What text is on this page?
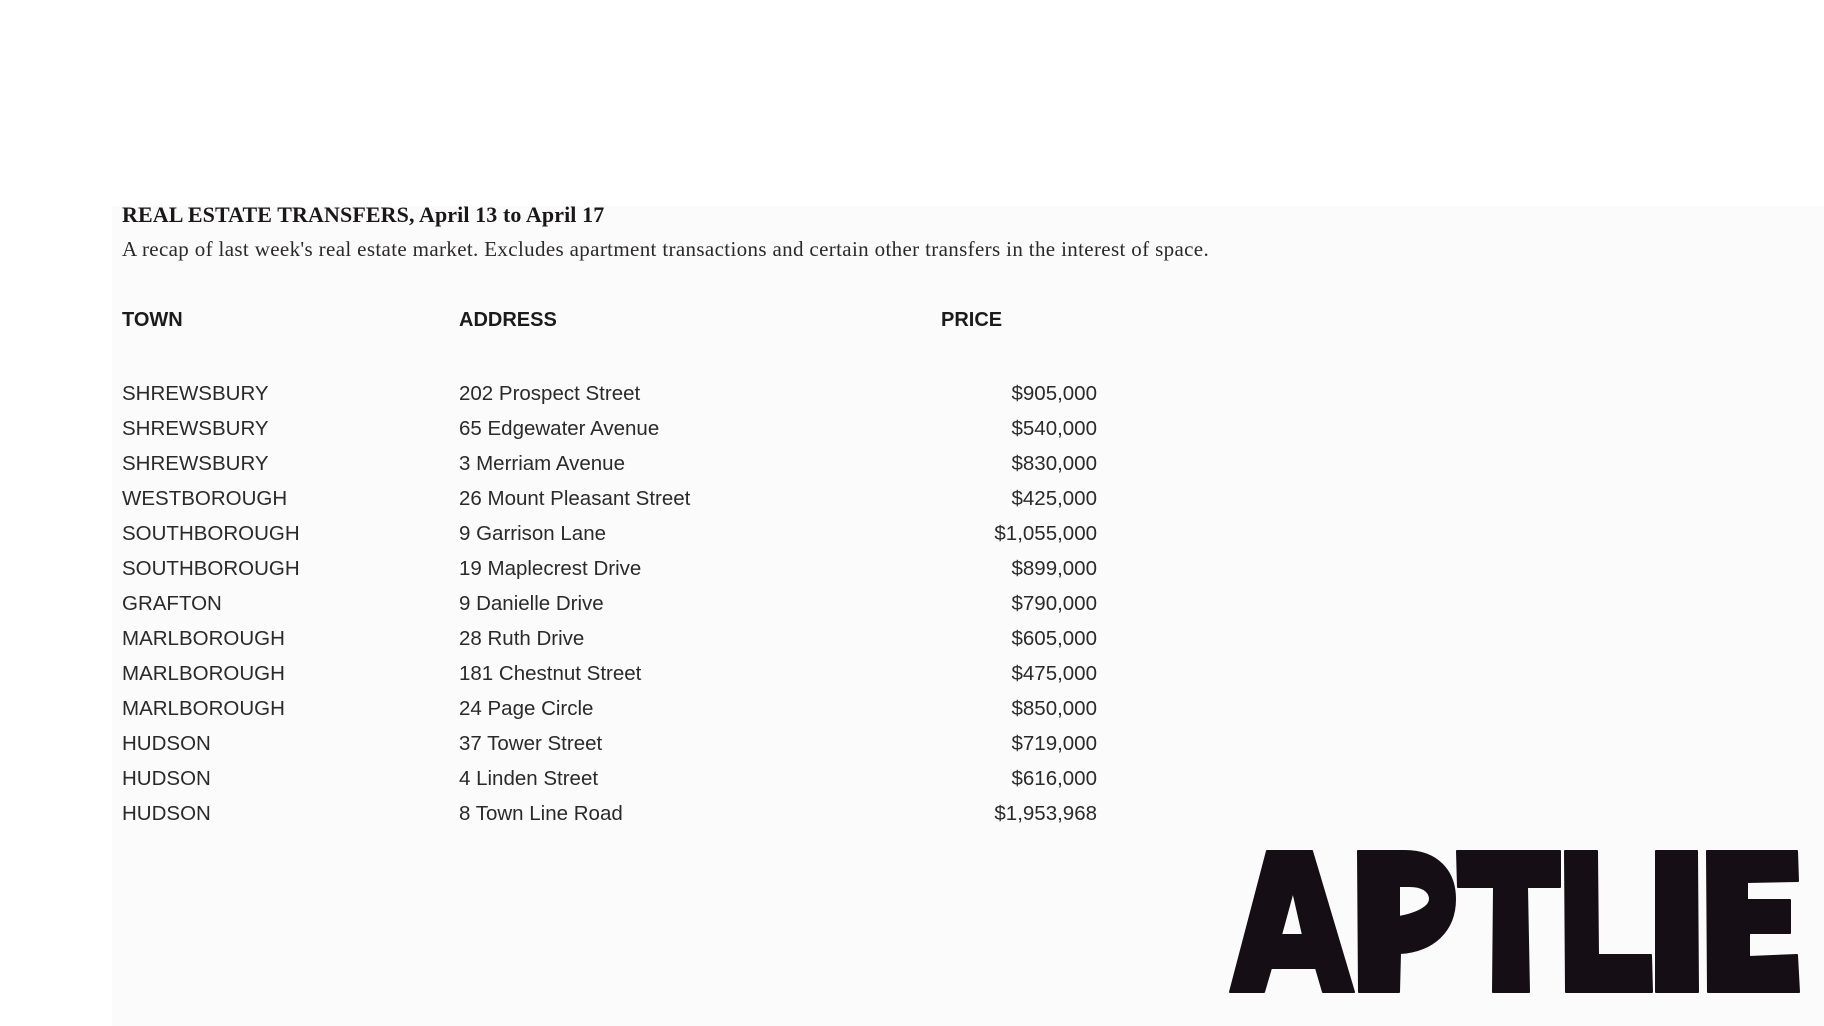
REAL ESTATE TRANSFERS, April 13 to April 17
A recap of last week's real estate market. Excludes apartment transactions and certain other transfers in the interest of space.
TOWN	ADDRESS	PRICE
SHREWSBURY	202 Prospect Street	$905,000
SHREWSBURY	65 Edgewater Avenue	$540,000
SHREWSBURY	3 Merriam Avenue	$830,000
WESTBOROUGH	26 Mount Pleasant Street	$425,000
SOUTHBOROUGH	9 Garrison Lane	$1,055,000
SOUTHBOROUGH	19 Maplecrest Drive	$899,000
GRAFTON	9 Danielle Drive	$790,000
MARLBOROUGH	28 Ruth Drive	$605,000
MARLBOROUGH	181 Chestnut Street	$475,000
MARLBOROUGH	24 Page Circle	$850,000
HUDSON	37 Tower Street	$719,000
HUDSON	4 Linden Street	$616,000
HUDSON	8 Town Line Road	$1,953,968
